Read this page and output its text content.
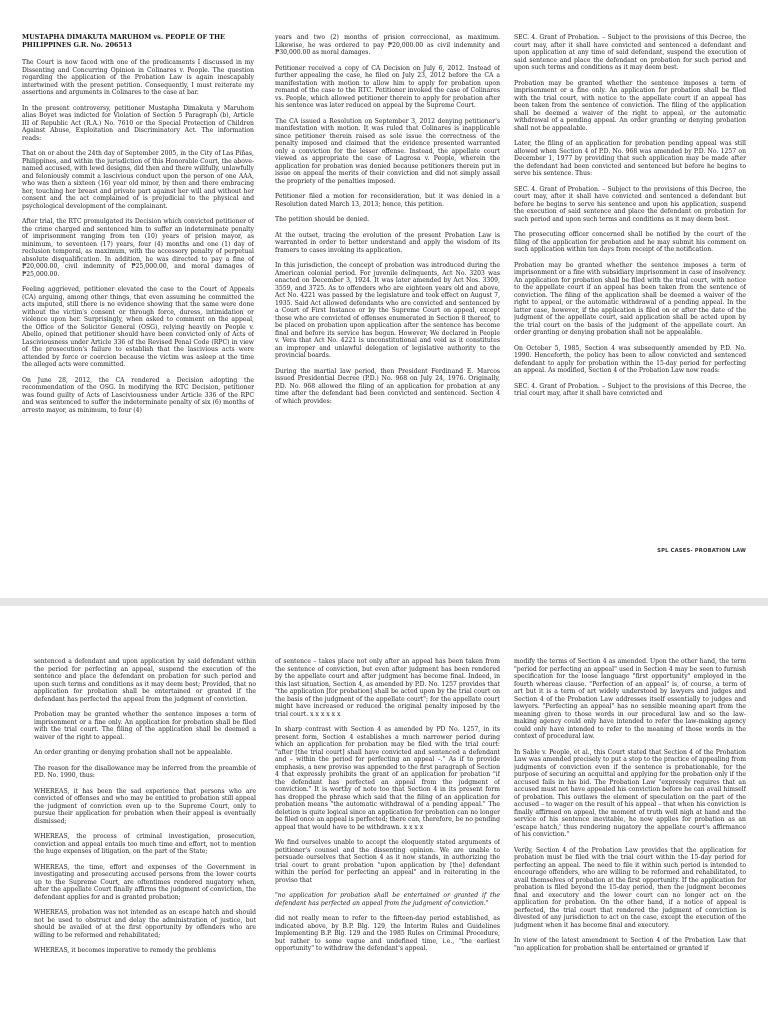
MUSTAPHA DIMAKUTA MARUHOM vs. PEOPLE OF THE PHILIPPINES G.R. No. 206513

The Court is now faced with one of the predicaments I discussed in my Dissenting and Concurring Opinion in Colinares v. People. The question regarding the application of the Probation Law is again inescapably intertwined with the present petition. Consequently, I must reiterate my assertions and arguments in Colinares to the case at bar.

In the present controversy, petitioner Mustapha Dimakuta y Maruhom alias Boyet was indicted for Violation of Section 5 Paragraph (b), Article III of Republic Act (R.A.) No. 7610 or the Special Protection of Children Against Abuse, Exploitation and Discriminatory Act. The information reads:

That on or about the 24th day of September 2005, in the City of Las Piñas, Philippines, and within the jurisdiction of this Honorable Court, the above-named accused, with lewd designs, did then and there willfully, unlawfully and feloniously commit a lascivious conduct upon the person of one AAA, who was then a sixteen (16) year old minor, by then and there embracing her, touching her breast and private part against her will and without her consent and the act complained of is prejudicial to the physical and psychological development of the complainant.

After trial, the RTC promulgated its Decision which convicted petitioner of the crime charged and sentenced him to suffer an indeterminate penalty of imprisonment ranging from ten (10) years of prision mayor, as minimum, to seventeen (17) years, four (4) months and one (1) day of reclusion temporal, as maximum, with the accessory penalty of perpetual absolute disqualification. In addition, he was directed to pay a fine of ₱20,000.00, civil indemnity of ₱25,000.00, and moral damages of ₱25,000.00.

Feeling aggrieved, petitioner elevated the case to the Court of Appeals (CA) arguing, among other things, that even assuming he committed the acts imputed, still there is no evidence showing that the same were done without the victim's consent or through force, duress, intimidation or violence upon her. Surprisingly, when asked to comment on the appeal, the Office of the Solicitor General (OSG), relying heavily on People v. Abello, opined that petitioner should have been convicted only of Acts of Lasciviousness under Article 336 of the Revised Penal Code (RPC) in view of the prosecution's failure to establish that the lascivious acts were attended by force or coercion because the victim was asleep at the time the alleged acts were committed.

On June 28, 2012, the CA rendered a Decision adopting the recommendation of the OSG. In modifying the RTC Decision, petitioner was found guilty of Acts of Lasciviousness under Article 336 of the RPC and was sentenced to suffer the indeterminate penalty of six (6) months of arresto mayor, as minimum, to four (4)

years and two (2) months of prision correccional, as maximum. Likewise, he was ordered to pay ₱20,000.00 as civil indemnity and ₱30,000.00 as moral damages.

Petitioner received a copy of CA Decision on July 6, 2012. Instead of further appealing the case, he filed on July 23, 2012 before the CA a manifestation with motion to allow him to apply for probation upon remand of the case to the RTC. Petitioner invoked the case of Colinares vs. People, which allowed petitioner therein to apply for probation after his sentence was later reduced on appeal by the Supreme Court.

The CA issued a Resolution on September 3, 2012 denying petitioner's manifestation with motion. It was ruled that Colinares is inapplicable since petitioner therein raised as sole issue the correctness of the penalty imposed and claimed that the evidence presented warranted only a conviction for the lesser offense. Instead, the appellate court viewed as appropriate the case of Lagrosa v. People, wherein the application for probation was denied because petitioners therein put in issue on appeal the merits of their conviction and did not simply assail the propriety of the penalties imposed.

Petitioner filed a motion for reconsideration, but it was denied in a Resolution dated March 13, 2013; hence, this petition.

The petition should be denied.

At the outset, tracing the evolution of the present Probation Law is warranted in order to better understand and apply the wisdom of its framers to cases invoking its application.

In this jurisdiction, the concept of probation was introduced during the American colonial period. For juvenile delinquents, Act No. 3203 was enacted on December 3, 1924. It was later amended by Act Nos. 3309, 3559, and 3725. As to offenders who are eighteen years old and above, Act No. 4221 was passed by the legislature and took effect on August 7, 1935. Said Act allowed defendants who are convicted and sentenced by a Court of First Instance or by the Supreme Court on appeal, except those who are convicted of offenses enumerated in Section 8 thereof, to be placed on probation upon application after the sentence has become final and before its service has begun. However, We declared in People v. Vera that Act No. 4221 is unconstitutional and void as it constitutes an improper and unlawful delegation of legislative authority to the provincial boards.

During the martial law period, then President Ferdinand E. Marcos issued Presidential Decree (P.D.) No. 968 on July 24, 1976. Originally, P.D. No. 968 allowed the filing of an application for probation at any time after the defendant had been convicted and sentenced. Section 4 of which provides:

SEC. 4. Grant of Probation. – Subject to the provisions of this Decree, the court may, after it shall have convicted and sentenced a defendant and upon application at any time of said defendant, suspend the execution of said sentence and place the defendant on probation for such period and upon such terms and conditions as it may deem best.

Probation may be granted whether the sentence imposes a term of imprisonment or a fine only. An application for probation shall be filed with the trial court, with notice to the appellate court if an appeal has been taken from the sentence of conviction. The filing of the application shall be deemed a waiver of the right to appeal, or the automatic withdrawal of a pending appeal. An order granting or denying probation shall not be appealable.

Later, the filing of an application for probation pending appeal was still allowed when Section 4 of P.D. No. 968 was amended by P.D. No. 1257 on December 1, 1977 by providing that such application may be made after the defendant had been convicted and sentenced but before he begins to serve his sentence. Thus:

SEC. 4. Grant of Probation. – Subject to the provisions of this Decree, the court may, after it shall have convicted and sentenced a defendant but before he begins to serve his sentence and upon his application, suspend the execution of said sentence and place the defendant on probation for such period and upon such terms and conditions as it may deem best.

The prosecuting officer concerned shall be notified by the court of the filing of the application for probation and he may submit his comment on such application within ten days from receipt of the notification.

Probation may be granted whether the sentence imposes a term of imprisonment or a fine with subsidiary imprisonment in case of insolvency. An application for probation shall be filed with the trial court, with notice to the appellate court if an appeal has been taken from the sentence of conviction. The filing of the application shall be deemed a waiver of the right to appeal, or the automatic withdrawal of a pending appeal. In the latter case, however, if the application is filed on or after the date of the judgment of the appellate court, said application shall be acted upon by the trial court on the basis of the judgment of the appellate court. An order granting or denying probation shall not be appealable.

On October 5, 1985, Section 4 was subsequently amended by P.D. No. 1990. Henceforth, the policy has been to allow convicted and sentenced defendant to apply for probation within the 15-day period for perfecting an appeal. As modified, Section 4 of the Probation Law now reads:

SEC. 4. Grant of Probation. – Subject to the provisions of this Decree, the trial court may, after it shall have convicted and

SPL CASES- PROBATION LAW

sentenced a defendant and upon application by said defendant within the period for perfecting an appeal, suspend the execution of the sentence and place the defendant on probation for such period and upon such terms and conditions as it may deem best; Provided, that no application for probation shall be entertained or granted if the defendant has perfected the appeal from the judgment of conviction.

Probation may be granted whether the sentence imposes a term of imprisonment or a fine only. An application for probation shall be filed with the trial court. The filing of the application shall be deemed a waiver of the right to appeal.

An order granting or denying probation shall not be appealable.

The reason for the disallowance may be inferred from the preamble of P.D. No. 1990, thus:

WHEREAS, it has been the sad experience that persons who are convicted of offenses and who may be entitled to probation still appeal the judgment of conviction even up to the Supreme Court, only to pursue their application for probation when their appeal is eventually dismissed;

WHEREAS, the process of criminal investigation, prosecution, conviction and appeal entails too much time and effort, not to mention the huge expenses of litigation, on the part of the State;

WHEREAS, the time, effort and expenses of the Government in investigating and prosecuting accused persons from the lower courts up to the Supreme Court, are oftentimes rendered nugatory when, after the appellate Court finally affirms the judgment of conviction, the defendant applies for and is granted probation;

WHEREAS, probation was not intended as an escape hatch and should not be used to obstruct and delay the administration of justice, but should be availed of at the first opportunity by offenders who are willing to be reformed and rehabilitated;

WHEREAS, it becomes imperative to remedy the problems

of sentence – takes place not only after an appeal has been taken from the sentence of conviction, but even after judgment has been rendered by the appellate court and after judgment has become final. Indeed, in this last situation, Section 4, as amended by P.D. No. 1257 provides that "the application [for probation] shall be acted upon by the trial court on the basis of the judgment of the appellate court"; for the appellate court might have increased or reduced the original penalty imposed by the trial court. x x x x x x

In sharp contrast with Section 4 as amended by PD No. 1257, in its present form, Section 4 establishes a much narrower period during which an application for probation may be filed with the trial court: "after [the trial court] shall have convicted and sentenced a defendant and – within the period for perfecting an appeal –." As if to provide emphasis, a new proviso was appended to the first paragraph of Section 4 that expressly prohibits the grant of an application for probation "if the defendant has perfected an appeal from the judgment of conviction." It is worthy of note too that Section 4 in its present form has dropped the phrase which said that the filing of an application for probation means "the automatic withdrawal of a pending appeal." The deletion is quite logical since an application for probation can no longer be filed once an appeal is perfected; there can, therefore, be no pending appeal that would have to be withdrawn. x x x x

We find ourselves unable to accept the eloquently stated arguments of petitioner's counsel and the dissenting opinion. We are unable to persuade ourselves that Section 4 as it now stands, in authorizing the trial court to grant probation "upon application by [the] defendant within the period for perfecting an appeal" and in reiterating in the proviso that

"no application for probation shall be entertained or granted if the defendant has perfected an appeal from the judgment of conviction."

did not really mean to refer to the fifteen-day period established, as indicated above, by B.P. Blg. 129, the Interim Rules and Guidelines Implementing B.P. Blg. 129 and the 1985 Rules on Criminal Procedure, but rather to some vague and undefined time, i.e., "the earliest opportunity" to withdraw the defendant's appeal.

modify the terms of Section 4 as amended. Upon the other hand, the term "period for perfecting an appeal" used in Section 4 may be seen to furnish specification for the loose language "first opportunity" employed in the fourth whereas clause. "Perfection of an appeal" is, of course, a term of art but it is a term of art widely understood by lawyers and judges and Section 4 of the Probation Law addresses itself essentially to judges and lawyers. "Perfecting an appeal" has no sensible meaning apart from the meaning given to those words in our procedural law and so the law-making agency could only have intended to refer the law-making agency could only have intended to refer to the meaning of those words in the context of procedural law.

In Sable v. People, et al., this Court stated that Section 4 of the Probation Law was amended precisely to put a stop to the practice of appealing from judgments of conviction even if the sentence is probationable, for the purpose of securing an acquittal and applying for the probation only if the accused fails in his bid. The Probation Law "expressly requires that an accused must not have appealed his conviction before he can avail himself of probation. This outlaws the element of speculation on the part of the accused – to wager on the result of his appeal – that when his conviction is finally affirmed on appeal, the moment of truth well nigh at hand and the service of his sentence inevitable, he now applies for probation as an 'escape hatch,' thus rendering nugatory the appellate court's affirmance of his conviction."

Verily, Section 4 of the Probation Law provides that the application for probation must be filed with the trial court within the 15-day period for perfecting an appeal. The need to file it within such period is intended to encourage offenders, who are willing to be reformed and rehabilitated, to avail themselves of probation at the first opportunity. If the application for probation is filed beyond the 15-day period, then the judgment becomes final and executory and the lower court can no longer act on the application for probation. On the other hand, if a notice of appeal is perfected, the trial court that rendered the judgment of conviction is divested of any jurisdiction to act on the case, except the execution of the judgment when it has become final and executory.

In view of the latest amendment to Section 4 of the Probation Law that "no application for probation shall be entertained or granted if
